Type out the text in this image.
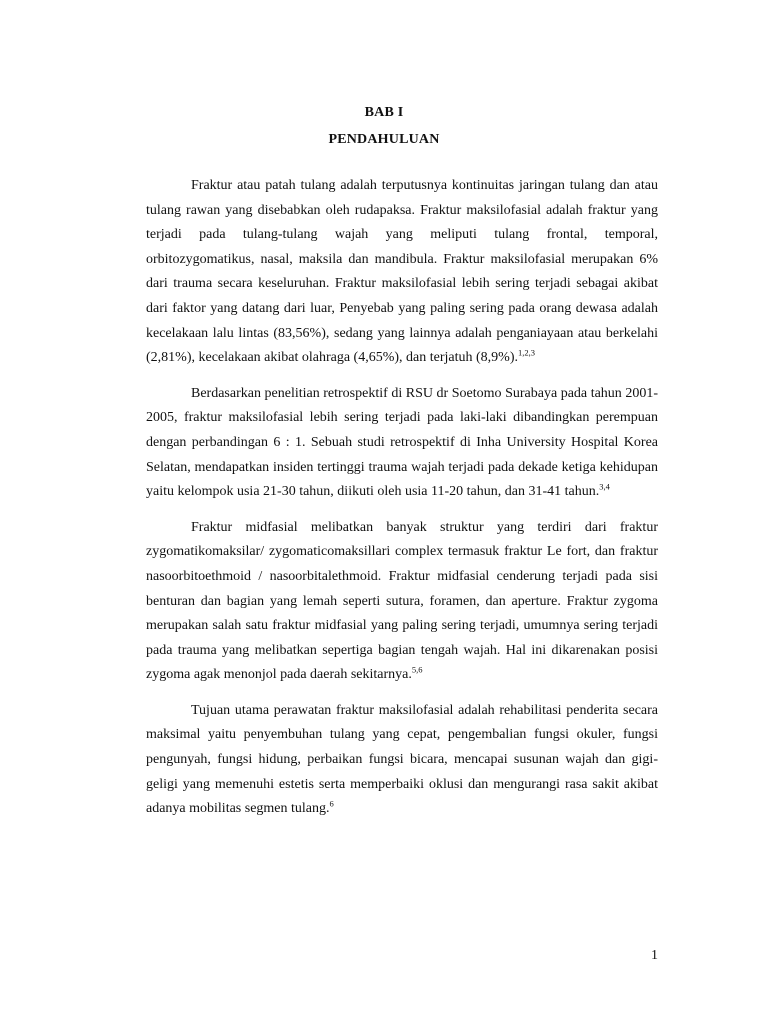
BAB I
PENDAHULUAN

Fraktur atau patah tulang adalah terputusnya kontinuitas jaringan tulang dan atau tulang rawan yang disebabkan oleh rudapaksa. Fraktur maksilofasial adalah fraktur yang terjadi pada tulang-tulang wajah yang meliputi tulang frontal, temporal, orbitozygomatikus, nasal, maksila dan mandibula. Fraktur maksilofasial merupakan 6% dari trauma secara keseluruhan. Fraktur maksilofasial lebih sering terjadi sebagai akibat dari faktor yang datang dari luar, Penyebab yang paling sering pada orang dewasa adalah kecelakaan lalu lintas (83,56%), sedang yang lainnya adalah penganiayaan atau berkelahi (2,81%), kecelakaan akibat olahraga (4,65%), dan terjatuh (8,9%).$^{1,2,3}$

Berdasarkan penelitian retrospektif di RSU dr Soetomo Surabaya pada tahun 2001-2005, fraktur maksilofasial lebih sering terjadi pada laki-laki dibandingkan perempuan dengan perbandingan 6 : 1. Sebuah studi retrospektif di Inha University Hospital Korea Selatan, mendapatkan insiden tertinggi trauma wajah terjadi pada dekade ketiga kehidupan yaitu kelompok usia 21-30 tahun, diikuti oleh usia 11-20 tahun, dan 31-41 tahun.$^{3,4}$

Fraktur midfasial melibatkan banyak struktur yang terdiri dari fraktur zygomatikomaksilar/ zygomaticomaksillari complex termasuk fraktur Le fort, dan fraktur nasoorbitoethmoid / nasoorbitalethmoid. Fraktur midfasial cenderung terjadi pada sisi benturan dan bagian yang lemah seperti sutura, foramen, dan aperture. Fraktur zygoma merupakan salah satu fraktur midfasial yang paling sering terjadi, umumnya sering terjadi pada trauma yang melibatkan sepertiga bagian tengah wajah. Hal ini dikarenakan posisi zygoma agak menonjol pada daerah sekitarnya.$^{5,6}$

Tujuan utama perawatan fraktur maksilofasial adalah rehabilitasi penderita secara maksimal yaitu penyembuhan tulang yang cepat, pengembalian fungsi okuler, fungsi pengunyah, fungsi hidung, perbaikan fungsi bicara, mencapai susunan wajah dan gigi-geligi yang memenuhi estetis serta memperbaiki oklusi dan mengurangi rasa sakit akibat adanya mobilitas segmen tulang.$^6$

1
